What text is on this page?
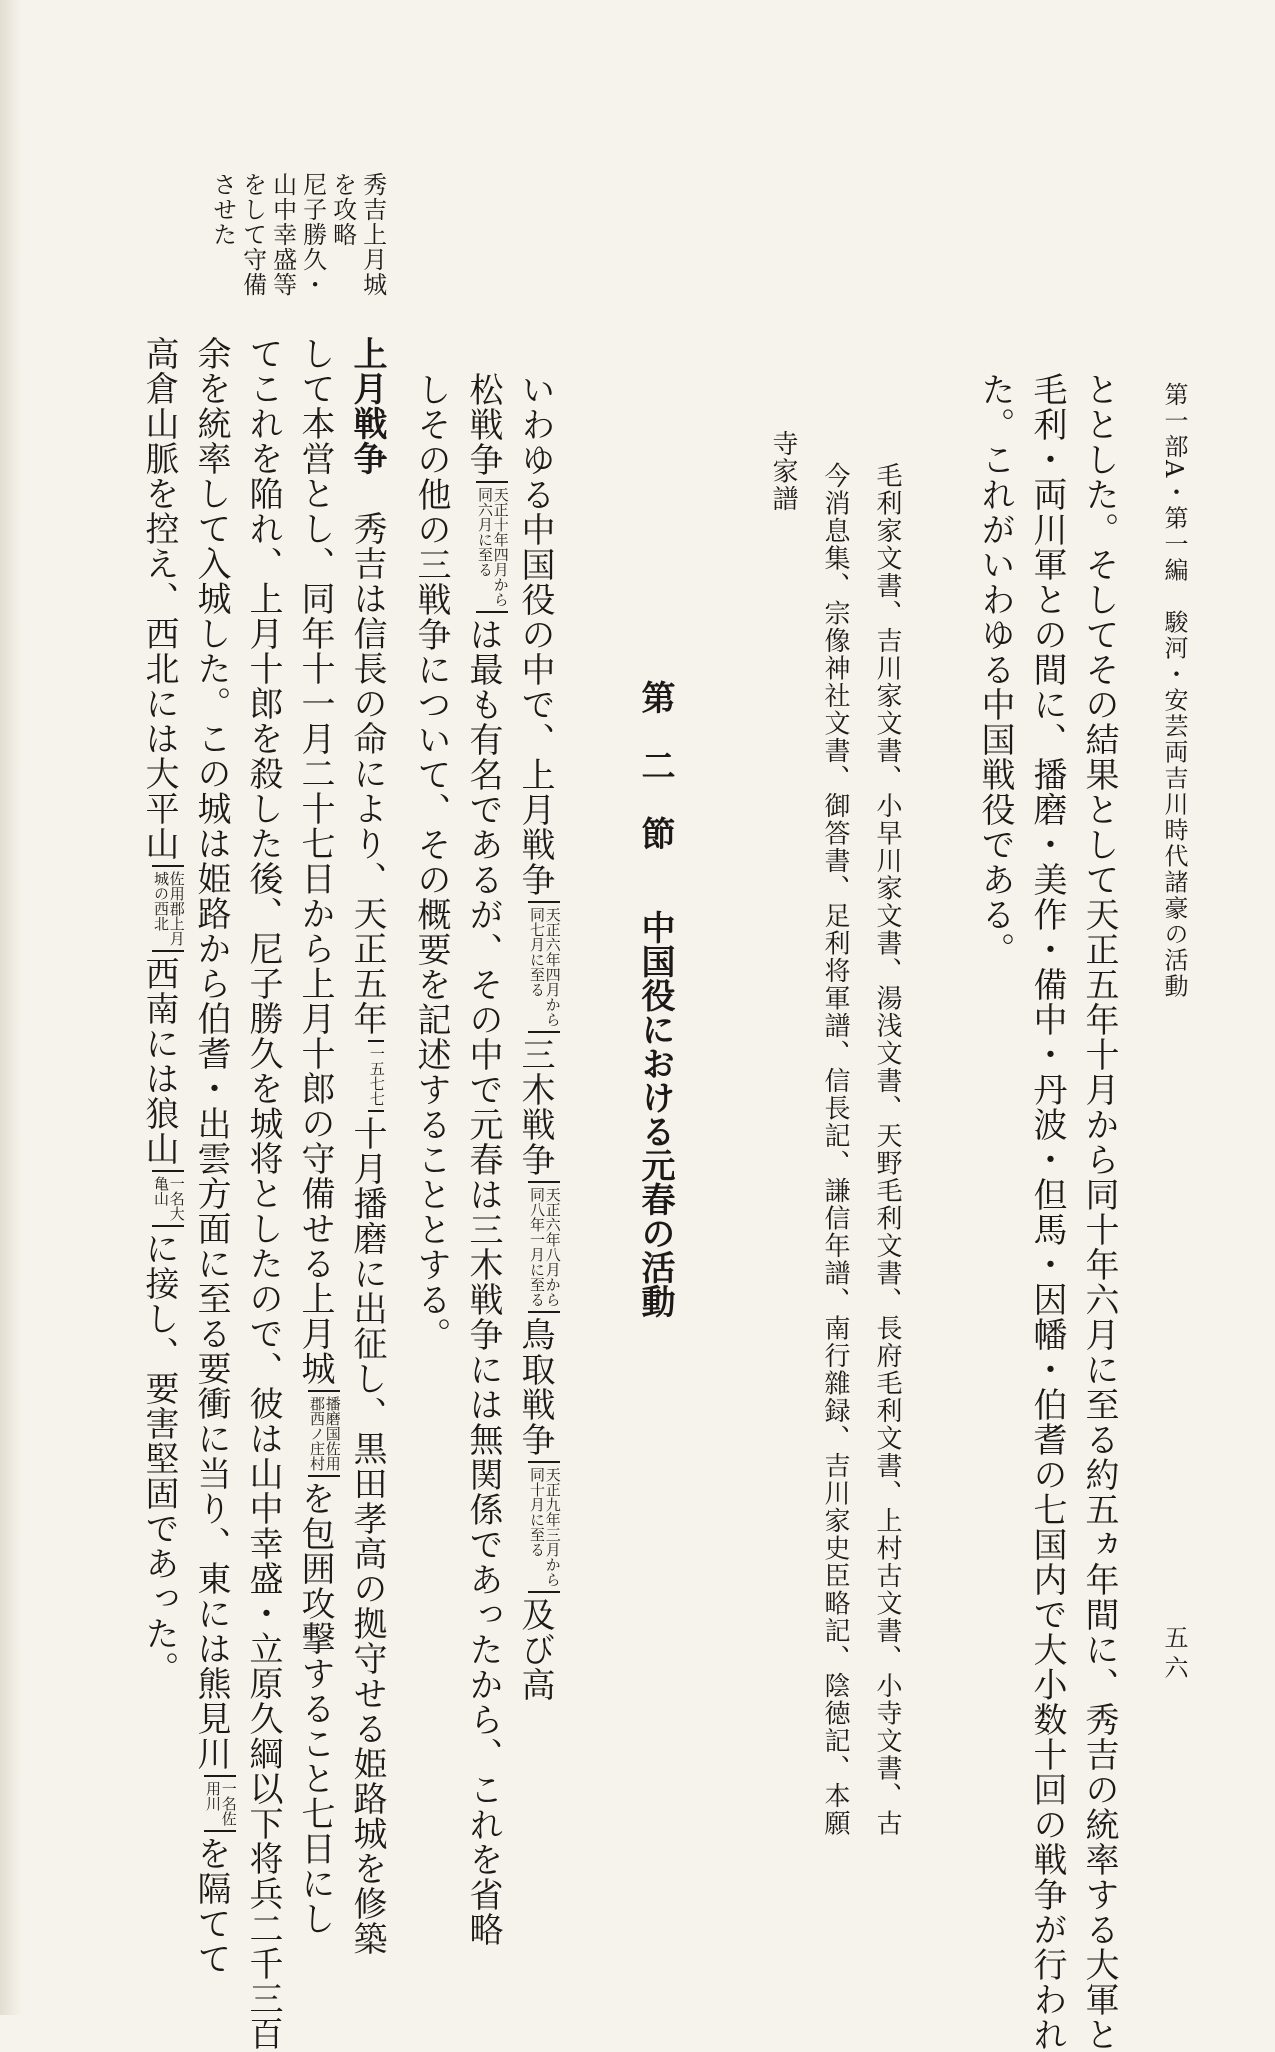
第一部A・第一編　駿河・安芸両吉川時代諸豪の活動

五六

ととした。そしてその結果として天正五年十月から同十年六月に至る約五ヵ年間に、秀吉の統率する大軍と

毛利・両川軍との間に、播磨・美作・備中・丹波・但馬・因幡・伯耆の七国内で大小数十回の戦争が行われ

た。これがいわゆる中国戦役である。

毛利家文書、吉川家文書、小早川家文書、湯浅文書、天野毛利文書、長府毛利文書、上村古文書、小寺文書、古

今消息集、宗像神社文書、御答書、足利将軍譜、信長記、謙信年譜、南行雜録、吉川家史臣略記、陰徳記、本願

寺家譜

第　二　節中国役における元春の活動

いわゆる中国役の中で、上月戦争
天正六年四月から
同七月に至る
三木戦争
天正六年八月から
同八年一月に至る
鳥取戦争
天正九年三月から
同十月に至る
及び高

松戦争
天正十年四月から
同六月に至る
は最も有名であるが、その中で元春は三木戦争には無関係であったから、これを省略

しその他の三戦争について、その概要を記述することとする。

上月戦争　秀吉は信長の命により、天正五年
一五七七
十月播磨に出征し、黒田孝高の拠守せる姫路城を修築

して本営とし、同年十一月二十七日から上月十郎の守備せる上月城
播磨国佐用
郡西ノ庄村
を包囲攻撃すること七日にし

てこれを陥れ、上月十郎を殺した後、尼子勝久を城将としたので、彼は山中幸盛・立原久綱以下将兵二千三百

余を統率して入城した。この城は姫路から伯耆・出雲方面に至る要衝に当り、東には熊見川
一名佐
用川
を隔てて

高倉山脈を控え、西北には大平山
佐用郡上月
城の西北
西南には狼山
一名大
亀山
に接し、要害堅固であった。

秀吉上月城

を攻略

尼子勝久・

山中幸盛等

をして守備

させた
